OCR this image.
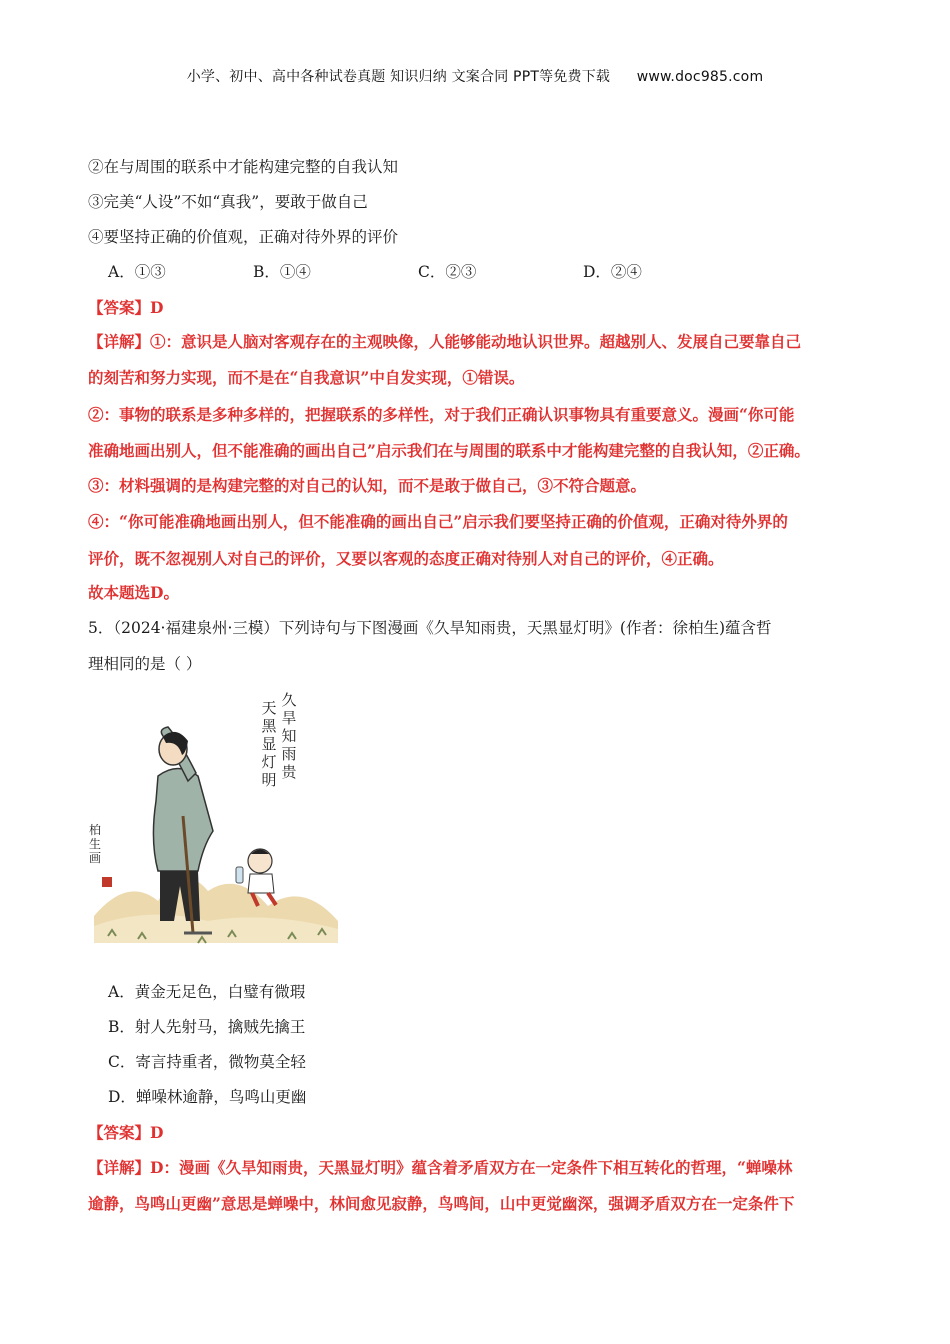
小学、初中、高中各种试卷真题 知识归纳 文案合同 PPT等免费下载 www.doc985.com
②在与周围的联系中才能构建完整的自我认知
③完美“人设”不如“真我”，要敢于做自己
④要坚持正确的价值观，正确对待外界的评价
A．①③	B．①④	C．②③	D．②④
【答案】D
【详解】①：意识是人脑对客观存在的主观映像，人能够能动地认识世界。超越别人、发展自己要靠自己
的刻苦和努力实现，而不是在“自我意识”中自发实现，①错误。
②：事物的联系是多种多样的，把握联系的多样性，对于我们正确认识事物具有重要意义。漫画“你可能
准确地画出别人，但不能准确的画出自己”启示我们在与周围的联系中才能构建完整的自我认知，②正确。
③：材料强调的是构建完整的对自己的认知，而不是敢于做自己，③不符合题意。
④：“你可能准确地画出别人，但不能准确的画出自己”启示我们要坚持正确的价值观，正确对待外界的
评价，既不忽视别人对自己的评价，又要以客观的态度正确对待别人对自己的评价，④正确。
故本题选D。
5．（2024·福建泉州·三模）下列诗句与下图漫画《久旱知雨贵，天黑显灯明》(作者：徐柏生)蕴含哲
理相同的是（ ）
久旱知雨贵
天黑显灯明
柏生画
A．黄金无足色，白璧有微瑕
B．射人先射马，擒贼先擒王
C．寄言持重者，微物莫全轻
D．蝉噪林逾静，鸟鸣山更幽
【答案】D
【详解】D：漫画《久旱知雨贵，天黑显灯明》蕴含着矛盾双方在一定条件下相互转化的哲理，“蝉噪林
逾静，鸟鸣山更幽”意思是蝉噪中，林间愈见寂静，鸟鸣间，山中更觉幽深，强调矛盾双方在一定条件下
